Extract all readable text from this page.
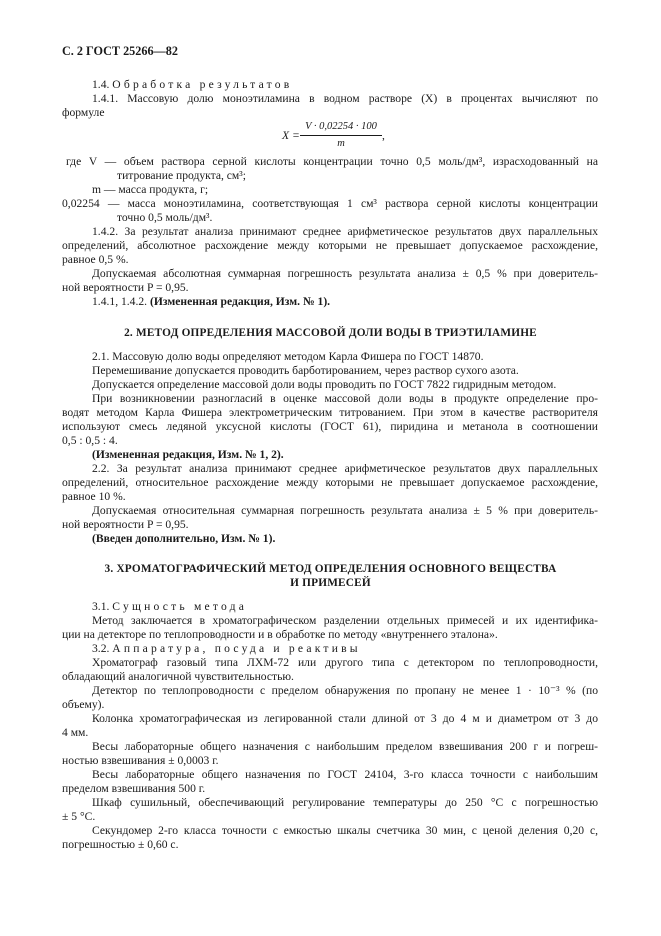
С. 2 ГОСТ 25266—82
1.4. Обработка результатов
1.4.1. Массовую долю моноэтиламина в водном растворе (X) в процентах вычисляют по
формуле
X =
V · 0,02254 · 100
m
,
где V — объем раствора серной кислоты концентрации точно 0,5 моль/дм³, израсходованный на
титрование продукта, см³;
m — масса продукта, г;
0,02254 — масса моноэтиламина, соответствующая 1 см³ раствора серной кислоты концентрации
точно 0,5 моль/дм³.
1.4.2. За результат анализа принимают среднее арифметическое результатов двух параллельных
определений, абсолютное расхождение между которыми не превышает допускаемое расхождение,
равное 0,5 %.
Допускаемая абсолютная суммарная погрешность результата анализа ± 0,5 % при доверитель-
ной вероятности P = 0,95.
1.4.1, 1.4.2. (Измененная редакция, Изм. № 1).
2. МЕТОД ОПРЕДЕЛЕНИЯ МАССОВОЙ ДОЛИ ВОДЫ В ТРИЭТИЛАМИНЕ
2.1. Массовую долю воды определяют методом Карла Фишера по ГОСТ 14870.
Перемешивание допускается проводить барботированием, через раствор сухого азота.
Допускается определение массовой доли воды проводить по ГОСТ 7822 гидридным методом.
При возникновении разногласий в оценке массовой доли воды в продукте определение про-
водят методом Карла Фишера электрометрическим титрованием. При этом в качестве растворителя
используют смесь ледяной уксусной кислоты (ГОСТ 61), пиридина и метанола в соотношении
0,5 : 0,5 : 4.
(Измененная редакция, Изм. № 1, 2).
2.2. За результат анализа принимают среднее арифметическое результатов двух параллельных
определений, относительное расхождение между которыми не превышает допускаемое расхождение,
равное 10 %.
Допускаемая относительная суммарная погрешность результата анализа ± 5 % при доверитель-
ной вероятности P = 0,95.
(Введен дополнительно, Изм. № 1).
3. ХРОМАТОГРАФИЧЕСКИЙ МЕТОД ОПРЕДЕЛЕНИЯ ОСНОВНОГО ВЕЩЕСТВА
И ПРИМЕСЕЙ
3.1. Сущность метода
Метод заключается в хроматографическом разделении отдельных примесей и их идентифика-
ции на детекторе по теплопроводности и в обработке по методу «внутреннего эталона».
3.2. Аппаратура, посуда и реактивы
Хроматограф газовый типа ЛХМ-72 или другого типа с детектором по теплопроводности,
обладающий аналогичной чувствительностью.
Детектор по теплопроводности с пределом обнаружения по пропану не менее 1 · 10⁻³ % (по
объему).
Колонка хроматографическая из легированной стали длиной от 3 до 4 м и диаметром от 3 до
4 мм.
Весы лабораторные общего назначения с наибольшим пределом взвешивания 200 г и погреш-
ностью взвешивания ± 0,0003 г.
Весы лабораторные общего назначения по ГОСТ 24104, 3-го класса точности с наибольшим
пределом взвешивания 500 г.
Шкаф сушильный, обеспечивающий регулирование температуры до 250 °C с погрешностью
± 5 °C.
Секундомер 2-го класса точности с емкостью шкалы счетчика 30 мин, с ценой деления 0,20 с,
погрешностью ± 0,60 с.
